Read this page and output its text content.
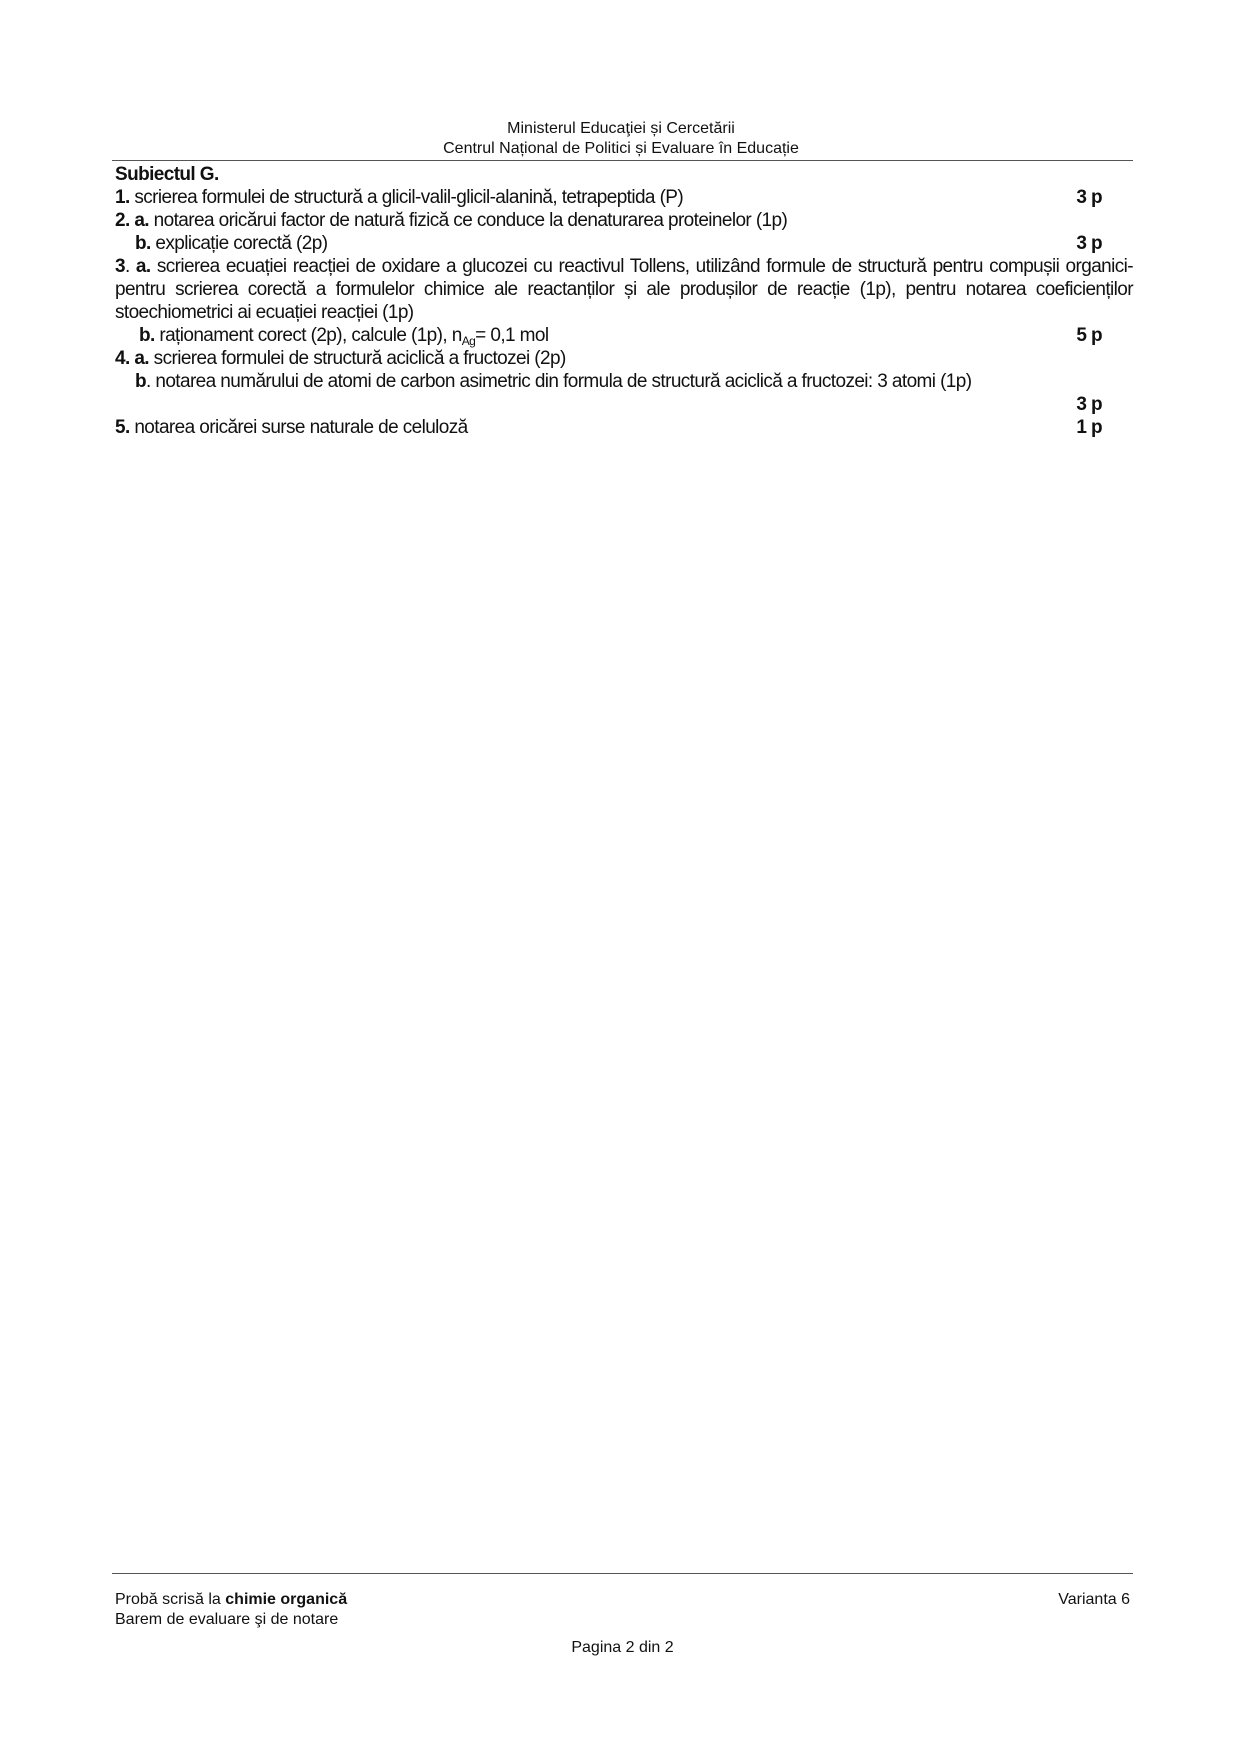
Ministerul Educaţiei și Cercetării
Centrul Național de Politici și Evaluare în Educație
Subiectul G.
1. scrierea formulei de structură a glicil-valil-glicil-alanină, tetrapeptida (P)	3 p
2. a. notarea oricărui factor de natură fizică ce conduce la denaturarea proteinelor (1p)
b. explicație corectă (2p)	3 p
3. a. scrierea ecuației reacției de oxidare a glucozei cu reactivul Tollens, utilizând formule de structură pentru compușii organici-pentru scrierea corectă a formulelor chimice ale reactanților și ale produșilor de reacție (1p), pentru notarea coeficienților stoechiometrici ai ecuației reacției (1p)
b. raționament corect (2p), calcule (1p), $n_{Ag}= 0,1$ mol	5 p
4. a. scrierea formulei de structură aciclică a fructozei (2p)
b. notarea numărului de atomi de carbon asimetric din formula de structură aciclică a fructozei: 3 atomi (1p)
3 p
5. notarea oricărei surse naturale de celuloză	1 p
Probă scrisă la chimie organică	Varianta 6
Barem de evaluare şi de notare
Pagina 2 din 2
